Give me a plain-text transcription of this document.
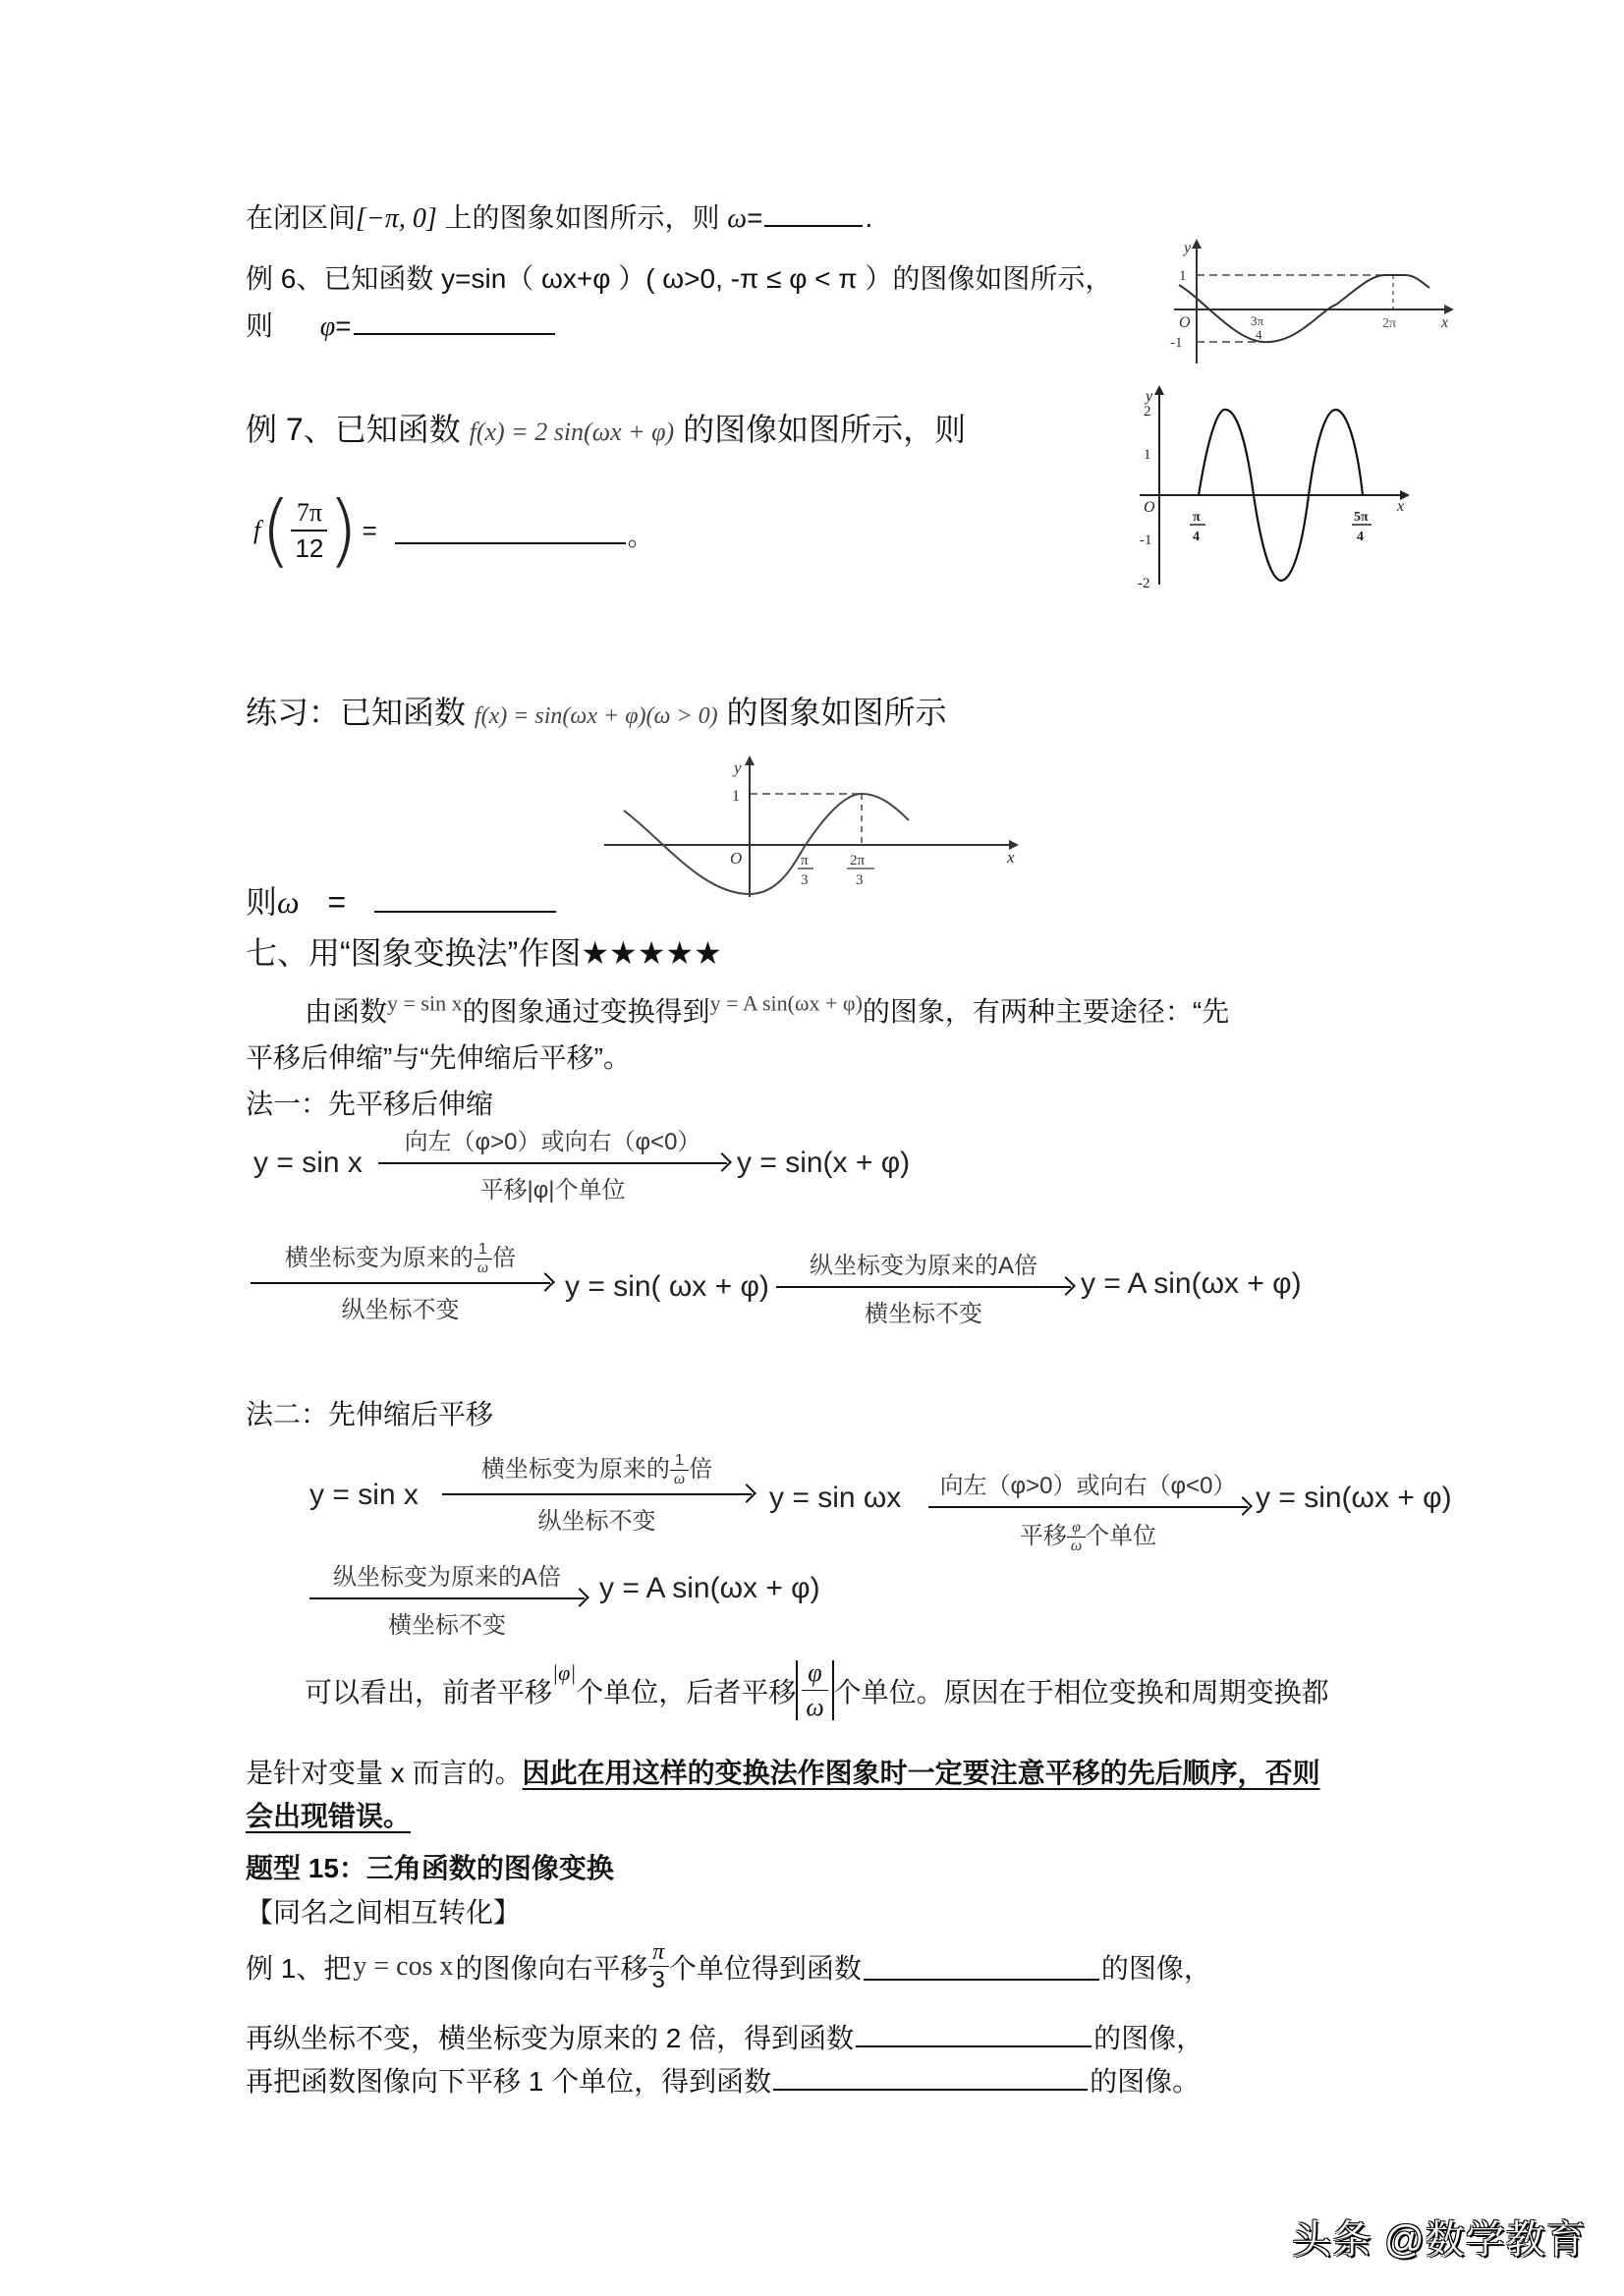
在闭区间[−π, 0] 上的图象如图所示，则 ω=	.
例 6、已知函数 y=sin（ ωx+φ ）( ω>0, -π ≤ φ < π ）的图像如图所示，
则 φ=
y
x
O
1
-1
3π
4
2π
例 7、已知函数 f(x) = 2 sin(ωx + φ) 的图像如图所示，则
f ( $\frac{7\pi}{12}$ ) =	。
y
x
O
2
1
-1
-2
π
4
5π
4
练习：已知函数 f(x) = sin(ωx + φ)(ω > 0) 的图象如图所示
y
x
O
1
π
3
2π
3
则ω =
七、用“图象变换法”作图★★★★★
由函数$^{y = sin x}$的图象通过变换得到$^{y = A sin(\omega x + \varphi)}$的图象，有两种主要途径：“先
平移后伸缩”与“先伸缩后平移”。
法一：先平移后伸缩
y = sin x
向左（φ>0）或向右（φ<0）
平移|φ|个单位
y = sin(x + φ)
横坐标变为原来的 $\frac{1}{\omega}$ 倍
纵坐标不变
y = sin( ωx + φ)
纵坐标变为原来的A倍
横坐标不变
y = A sin(ωx + φ)
法二：先伸缩后平移
y = sin x
横坐标变为原来的 $\frac{1}{\omega}$ 倍
纵坐标不变
y = sin ωx	向左（φ>0）或向右（φ<0）
平移 $\frac{\varphi}{\omega}$ 个单位
y = sin(ωx + φ)
纵坐标变为原来的A倍
横坐标不变
y = A sin(ωx + φ)
可以看出，前者平移
$^{|\varphi|}$
个单位，后者平移 $\frac{\varphi}{\omega}$ 个单位。原因在于相位变换和周期变换都
是针对变量 x 而言的。因此在用这样的变换法作图象时一定要注意平移的先后顺序，否则
会出现错误。
题型 15：三角函数的图像变换
【同名之间相互转化】
例 1、把 y = cos x 的图像向右平移 $\frac{\pi}{3}$ 个单位得到函数	的图像，
再纵坐标不变，横坐标变为原来的 2 倍，得到函数	的图像，
再把函数图像向下平移 1 个单位，得到函数	的图像。
头条 @数学教育
